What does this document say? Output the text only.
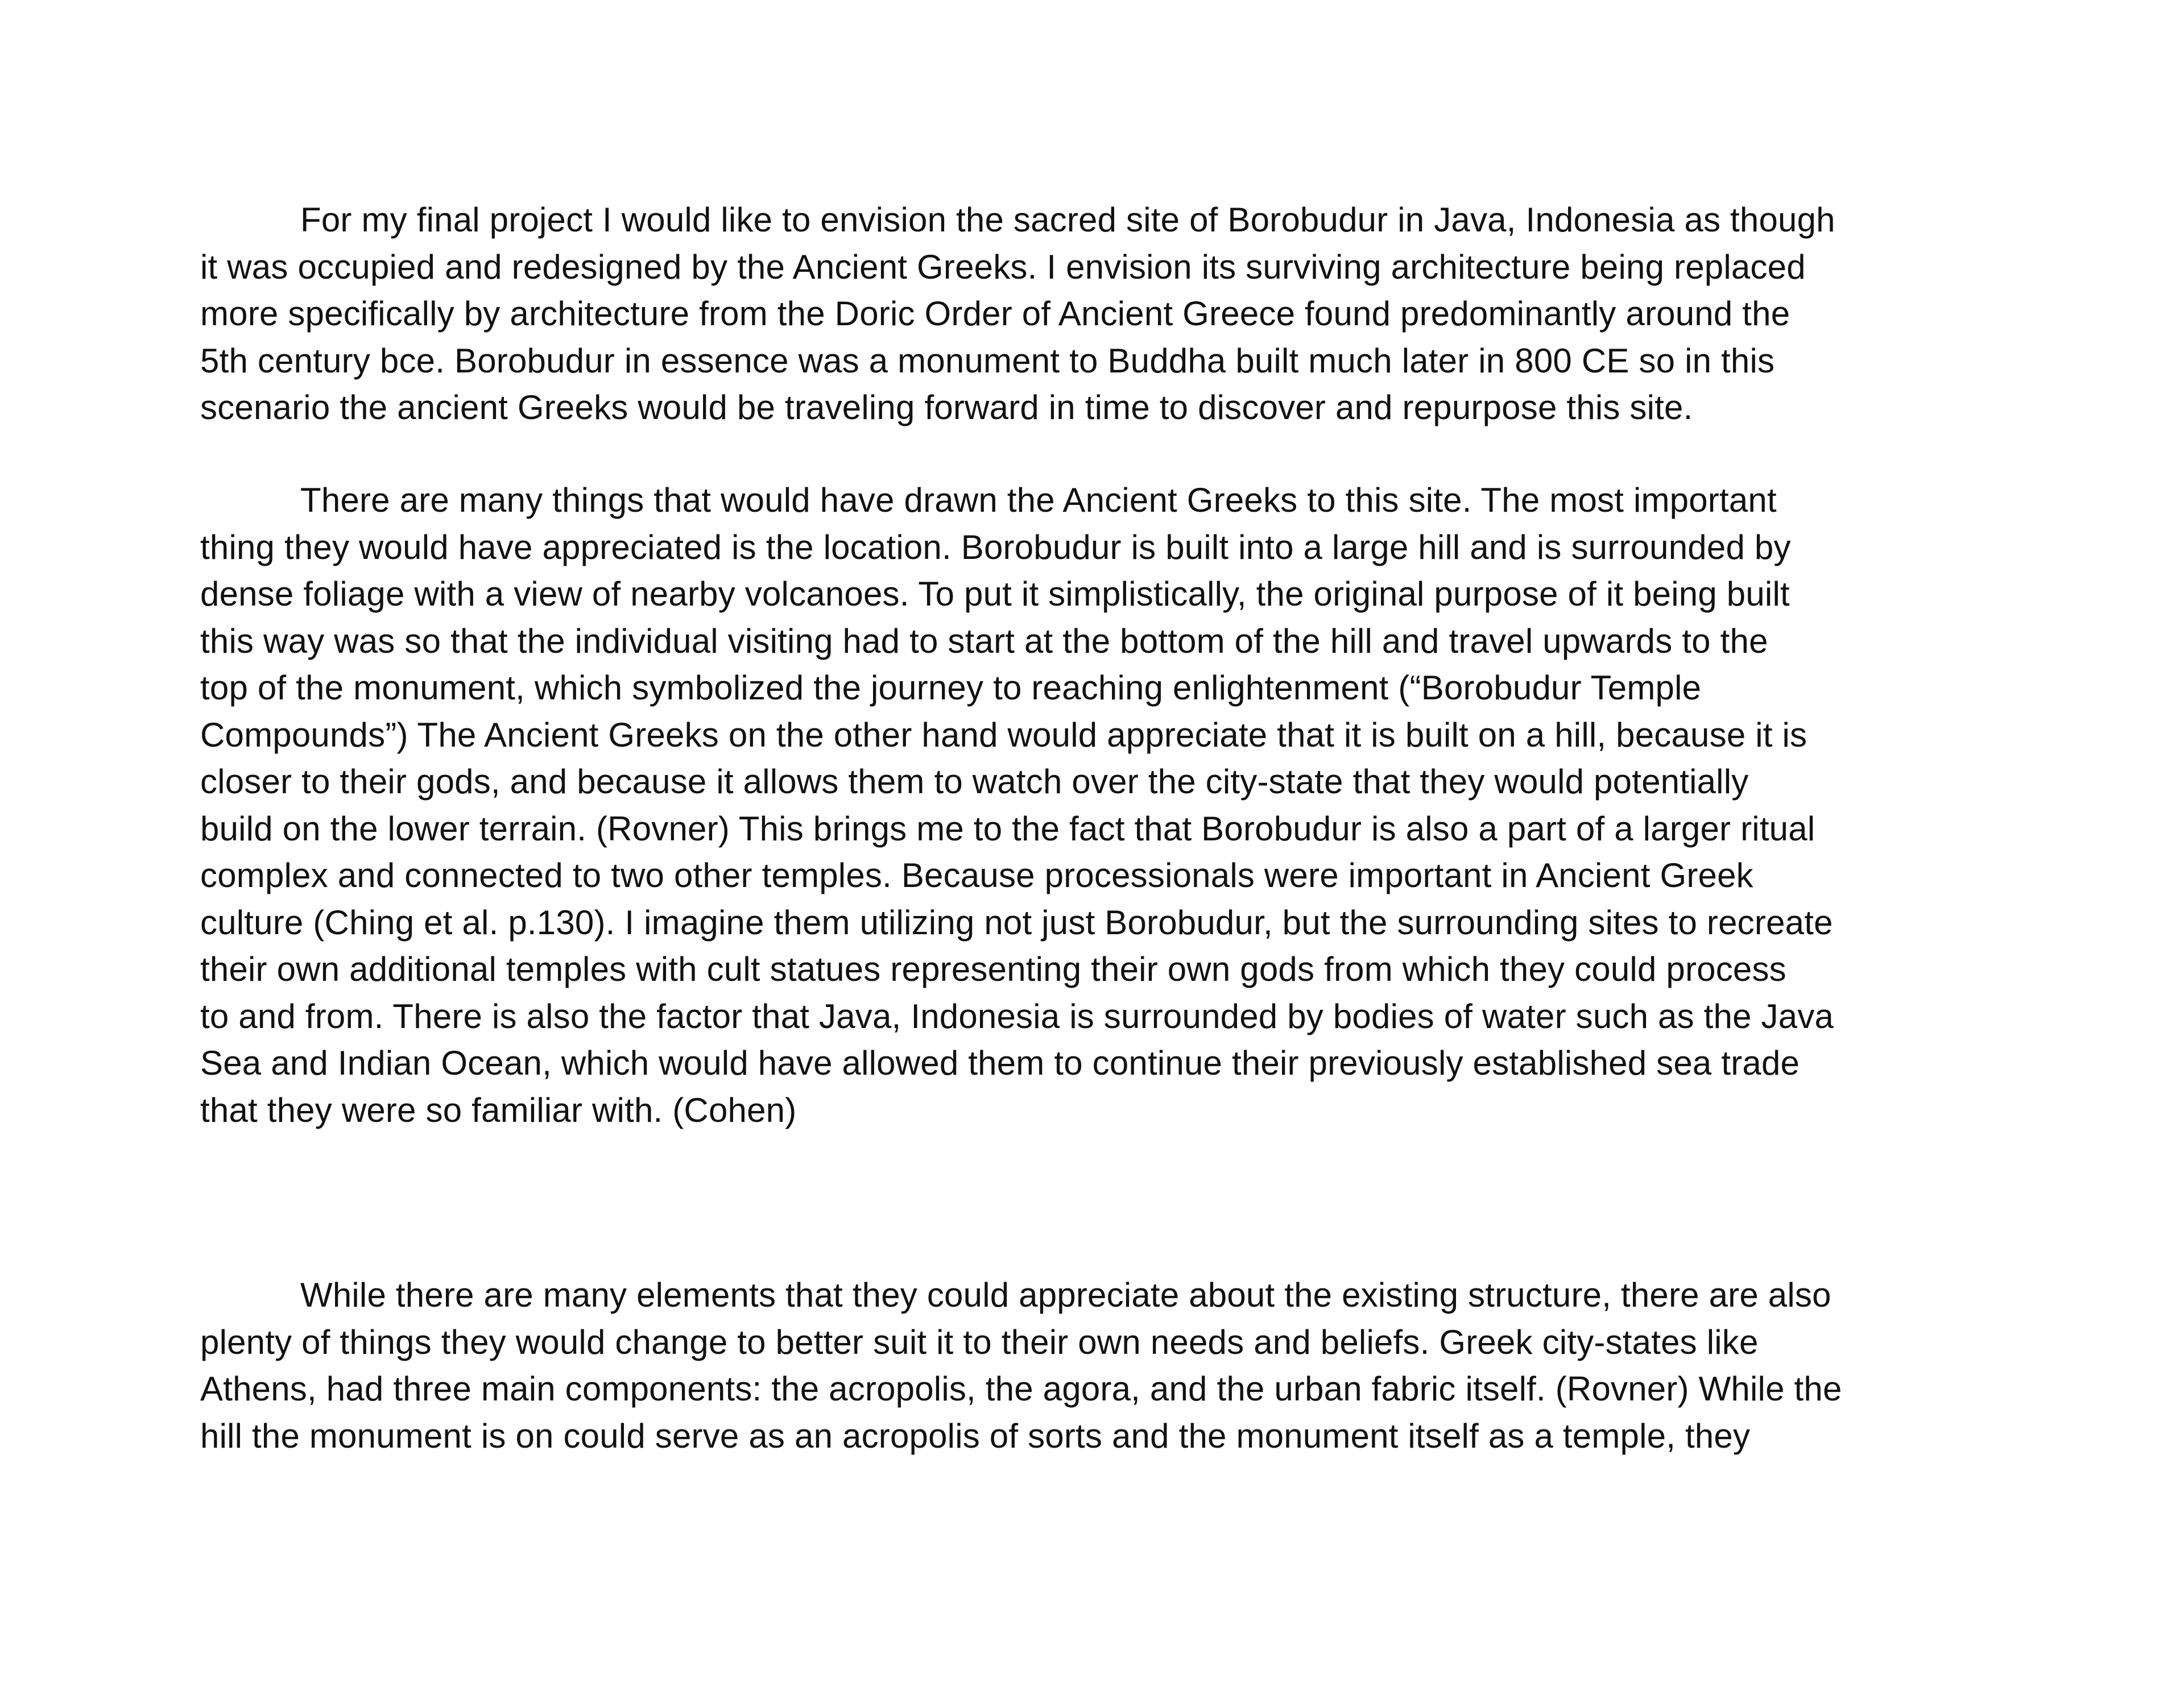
For my final project I would like to envision the sacred site of Borobudur in Java, Indonesia as though
it was occupied and redesigned by the Ancient Greeks. I envision its surviving architecture being replaced
more specifically by architecture from the Doric Order of Ancient Greece found predominantly around the
5th century bce. Borobudur in essence was a monument to Buddha built much later in 800 CE so in this
scenario the ancient Greeks would be traveling forward in time to discover and repurpose this site.
There are many things that would have drawn the Ancient Greeks to this site. The most important
thing they would have appreciated is the location. Borobudur is built into a large hill and is surrounded by
dense foliage with a view of nearby volcanoes. To put it simplistically, the original purpose of it being built
this way was so that the individual visiting had to start at the bottom of the hill and travel upwards to the
top of the monument, which symbolized the journey to reaching enlightenment (“Borobudur Temple
Compounds”) The Ancient Greeks on the other hand would appreciate that it is built on a hill, because it is
closer to their gods, and because it allows them to watch over the city-state that they would potentially
build on the lower terrain. (Rovner) This brings me to the fact that Borobudur is also a part of a larger ritual
complex and connected to two other temples. Because processionals were important in Ancient Greek
culture (Ching et al. p.130). I imagine them utilizing not just Borobudur, but the surrounding sites to recreate
their own additional temples with cult statues representing their own gods from which they could process
to and from. There is also the factor that Java, Indonesia is surrounded by bodies of water such as the Java
Sea and Indian Ocean, which would have allowed them to continue their previously established sea trade
that they were so familiar with. (Cohen)
While there are many elements that they could appreciate about the existing structure, there are also
plenty of things they would change to better suit it to their own needs and beliefs. Greek city-states like
Athens, had three main components: the acropolis, the agora, and the urban fabric itself. (Rovner) While the
hill the monument is on could serve as an acropolis of sorts and the monument itself as a temple, they
